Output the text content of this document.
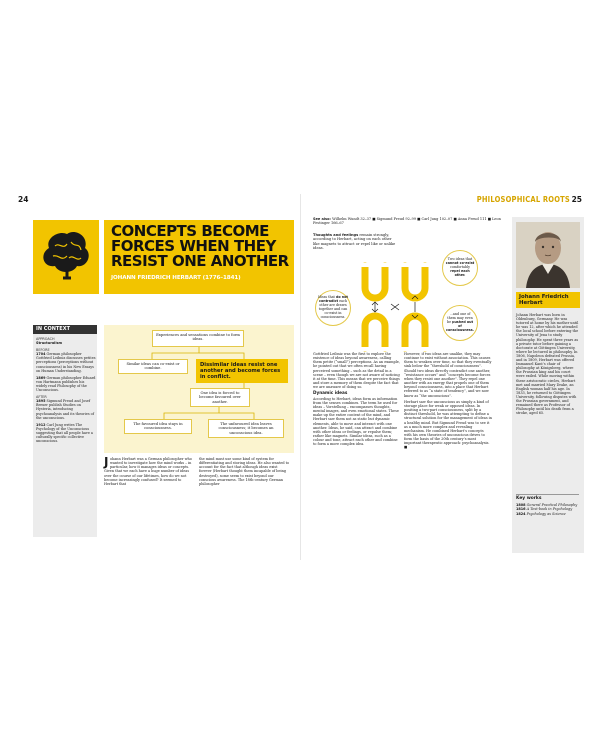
24	25
PHILOSOPHICAL ROOTS
CONCEPTS BECOME FORCES WHEN THEY RESIST ONE ANOTHER
JOHANN FRIEDRICH HERBART (1776–1841)
IN CONTEXT
APPROACH

Structuralism

BEFORE

1704 German philosopher Gottfried Leibniz discusses petites perceptions (perceptions without consciousness) in his New Essays on Human Understanding.

1869 German philosopher Eduard von Hartmann publishes his widely read Philosophy of the Unconscious.

AFTER

1895 Sigmund Freud and Josef Breuer publish Studies on Hysteria, introducing psychoanalysis and its theories of the unconscious.

1912 Carl Jung writes The Psychology of the Unconscious suggesting that all people have a culturally specific collective unconscious.

Experiences and sensations combine to form ideas.
Similar ideas can co-exist or combine.
Dissimilar ideas resist one another and become forces in conflict.
One idea is forced to become favoured over another.
The favoured idea stays in consciousness.
The unfavoured idea leaves consciousness; it becomes an unconscious idea.

Johann Herbart was a German philosopher who wanted to investigate how the mind works – in particular, how it manages ideas or concepts. Given that we each have a huge number of ideas over the course of our lifetimes, how do we not become increasingly confused? It seemed to Herbart that

the mind must use some kind of system for differentiating and storing ideas. He also wanted to account for the fact that although ideas exist forever (Herbart thought them incapable of being destroyed), some seem to exist beyond our conscious awareness. The 18th-century German philosopher

See also: Wilhelm Wundt 32–37 ■ Sigmund Freud 92–99 ■ Carl Jung 102–07 ■ Anna Freud 111 ■ Leon Festinger 166–67
Thoughts and feelings remain strongly, according to Herbart, acting on each other like magnets to attract or repel like or unlike ideas.
Ideas that do not contradict each other are drawn together and can co-exist in consciousness.
Two ideas that cannot co-exist comfortably repel each other.
…and one of them may even be pushed out of consciousness.

Gottfried Leibniz was the first to explore the existence of ideas beyond awareness, calling them petite (“small”) perceptions. As an example, he pointed out that we often recall having perceived something – such as the detail in a scene – even though we are not aware of noticing it at the time. This means that we perceive things and store a memory of them despite the fact that we are unaware of doing so.

Dynamic ideas

According to Herbart, ideas form as information from the senses combines. The term he used for ideas – Vorstellung – encompasses thoughts, mental images, and even emotional states. These make up the entire content of the mind, and Herbart saw them not as static but dynamic elements, able to move and interact with one another. Ideas, he said, can attract and combine with other ideas or feelings, or repulse them; rather like magnets. Similar ideas, such as a colour and tone, attract each other and combine to form a more complex idea.

However, if two ideas are unalike, they may continue to exist without association. This causes them to weaken over time, so that they eventually sink below the “threshold of consciousness”. Should two ideas directly contradict one another, “resistance occurs” and “concepts become forces when they resist one another”. They repel one another with an energy that propels one of them beyond consciousness, into a place that Herbart referred to as “a state of tendency”, and we now know as “the unconscious”.

Herbart saw the unconscious as simply a kind of storage place for weak or opposed ideas. In positing a two-part consciousness, split by a distinct threshold, he was attempting to define a structural solution for the management of ideas in a healthy mind. But Sigmund Freud was to see it as a much more complex and revealing mechanism. He combined Herbart’s concepts with his own theories of unconscious drives to form the basis of the 20th century’s most important therapeutic approach: psychoanalysis. ■

Johann Friedrich Herbart
Johann Herbart was born in Oldenburg, Germany. He was tutored at home by his mother until he was 12, after which he attended the local school before entering the University of Jena to study philosophy. He spent three years as a private tutor before gaining a doctorate at Göttingen University, where he lectured in philosophy. In 1806, Napoleon defeated Prussia, and in 1809, Herbart was offered Immanuel Kant’s chair of philosophy at Königsberg, where the Prussian king and his court were exiled. While moving within these aristocratic circles, Herbart met and married Mary Drake, an English woman half his age. In 1833, he returned to Göttingen University, following disputes with the Prussian government, and remained there as Professor of Philosophy until his death from a stroke, aged 65.
Key works
1808 General Practical Philosophy
1816 A Text-book in Psychology
1824 Psychology as Science
